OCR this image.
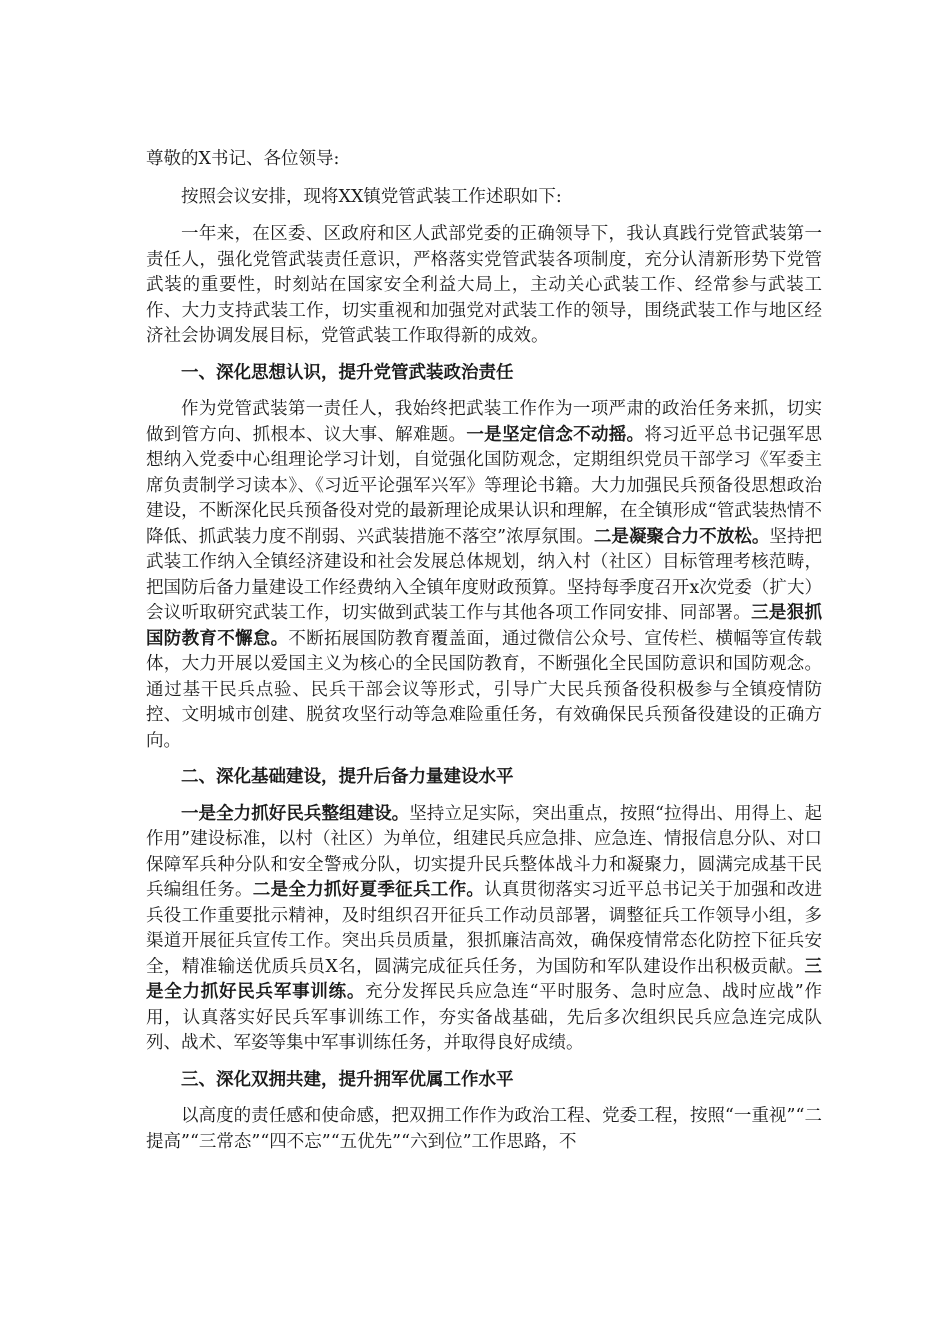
尊敬的X书记、各位领导:

按照会议安排，现将XX镇党管武装工作述职如下:

一年来，在区委、区政府和区人武部党委的正确领导下，我认真践行党管武装第一责任人，强化党管武装责任意识，严格落实党管武装各项制度，充分认清新形势下党管武装的重要性，时刻站在国家安全利益大局上，主动关心武装工作、经常参与武装工作、大力支持武装工作，切实重视和加强党对武装工作的领导，围绕武装工作与地区经济社会协调发展目标，党管武装工作取得新的成效。

一、深化思想认识，提升党管武装政治责任

作为党管武装第一责任人，我始终把武装工作作为一项严肃的政治任务来抓，切实做到管方向、抓根本、议大事、解难题。一是坚定信念不动摇。将习近平总书记强军思想纳入党委中心组理论学习计划，自觉强化国防观念，定期组织党员干部学习《军委主席负责制学习读本》、《习近平论强军兴军》等理论书籍。大力加强民兵预备役思想政治建设，不断深化民兵预备役对党的最新理论成果认识和理解，在全镇形成“管武装热情不降低、抓武装力度不削弱、兴武装措施不落空”浓厚氛围。二是凝聚合力不放松。坚持把武装工作纳入全镇经济建设和社会发展总体规划，纳入村（社区）目标管理考核范畴，把国防后备力量建设工作经费纳入全镇年度财政预算。坚持每季度召开x次党委（扩大）会议听取研究武装工作，切实做到武装工作与其他各项工作同安排、同部署。三是狠抓国防教育不懈怠。不断拓展国防教育覆盖面，通过微信公众号、宣传栏、横幅等宣传载体，大力开展以爱国主义为核心的全民国防教育，不断强化全民国防意识和国防观念。通过基干民兵点验、民兵干部会议等形式，引导广大民兵预备役积极参与全镇疫情防控、文明城市创建、脱贫攻坚行动等急难险重任务，有效确保民兵预备役建设的正确方向。

二、深化基础建设，提升后备力量建设水平

一是全力抓好民兵整组建设。坚持立足实际，突出重点，按照“拉得出、用得上、起作用”建设标准，以村（社区）为单位，组建民兵应急排、应急连、情报信息分队、对口保障军兵种分队和安全警戒分队，切实提升民兵整体战斗力和凝聚力，圆满完成基干民兵编组任务。二是全力抓好夏季征兵工作。认真贯彻落实习近平总书记关于加强和改进兵役工作重要批示精神，及时组织召开征兵工作动员部署，调整征兵工作领导小组，多渠道开展征兵宣传工作。突出兵员质量，狠抓廉洁高效，确保疫情常态化防控下征兵安全，精准输送优质兵员X名，圆满完成征兵任务，为国防和军队建设作出积极贡献。三是全力抓好民兵军事训练。充分发挥民兵应急连“平时服务、急时应急、战时应战”作用，认真落实好民兵军事训练工作，夯实备战基础，先后多次组织民兵应急连完成队列、战术、军姿等集中军事训练任务，并取得良好成绩。

三、深化双拥共建，提升拥军优属工作水平

以高度的责任感和使命感，把双拥工作作为政治工程、党委工程，按照“一重视”“二提高”“三常态”“四不忘”“五优先”“六到位”工作思路，不
